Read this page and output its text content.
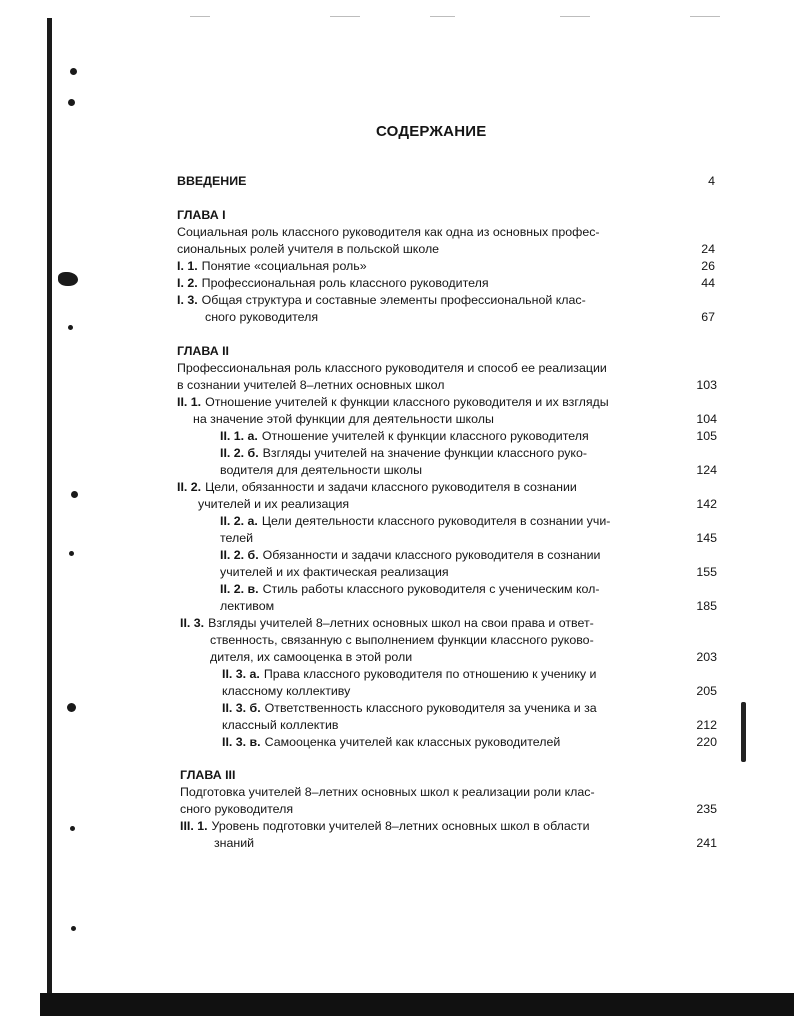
СОДЕРЖАНИЕ
ВВЕДЕНИЕ	4
ГЛАВА I
Социальная роль классного руководителя как одна из основных профес-
сиональных ролей учителя в польской школе	24
I. 1. Понятие «социальная роль»	26
I. 2. Профессиональная роль классного руководителя	44
I. 3. Общая структура и составные элементы профессиональной клас-
сного руководителя	67
ГЛАВА II
Профессиональная роль классного руководителя и способ ее реализации
в сознании учителей 8–летних основных школ	103
II. 1. Отношение учителей к функции классного руководителя и их взгляды
на значение этой функции для деятельности школы	104
II. 1. а. Отношение учителей к функции классного руководителя	105
II. 2. б. Взгляды учителей на значение функции классного руко-
водителя для деятельности школы	124
II. 2. Цели, обязанности и задачи классного руководителя в сознании
учителей и их реализация	142
II. 2. а. Цели деятельности классного руководителя в сознании учи-
телей	145
II. 2. б. Обязанности и задачи классного руководителя в сознании
учителей и их фактическая реализация	155
II. 2. в. Стиль работы классного руководителя с ученическим кол-
лективом	185
II. 3. Взгляды учителей 8–летних основных школ на свои права и ответ-
ственность, связанную с выполнением функции классного руково-
дителя, их самооценка в этой роли	203
II. 3. а. Права классного руководителя по отношению к ученику и
классному коллективу	205
II. 3. б. Ответственность классного руководителя за ученика и за
классный коллектив	212
II. 3. в. Самооценка учителей как классных руководителей	220
ГЛАВА III
Подготовка учителей 8–летних основных школ к реализации роли клас-
сного руководителя	235
III. 1. Уровень подготовки учителей 8–летних основных школ в области
знаний	241
